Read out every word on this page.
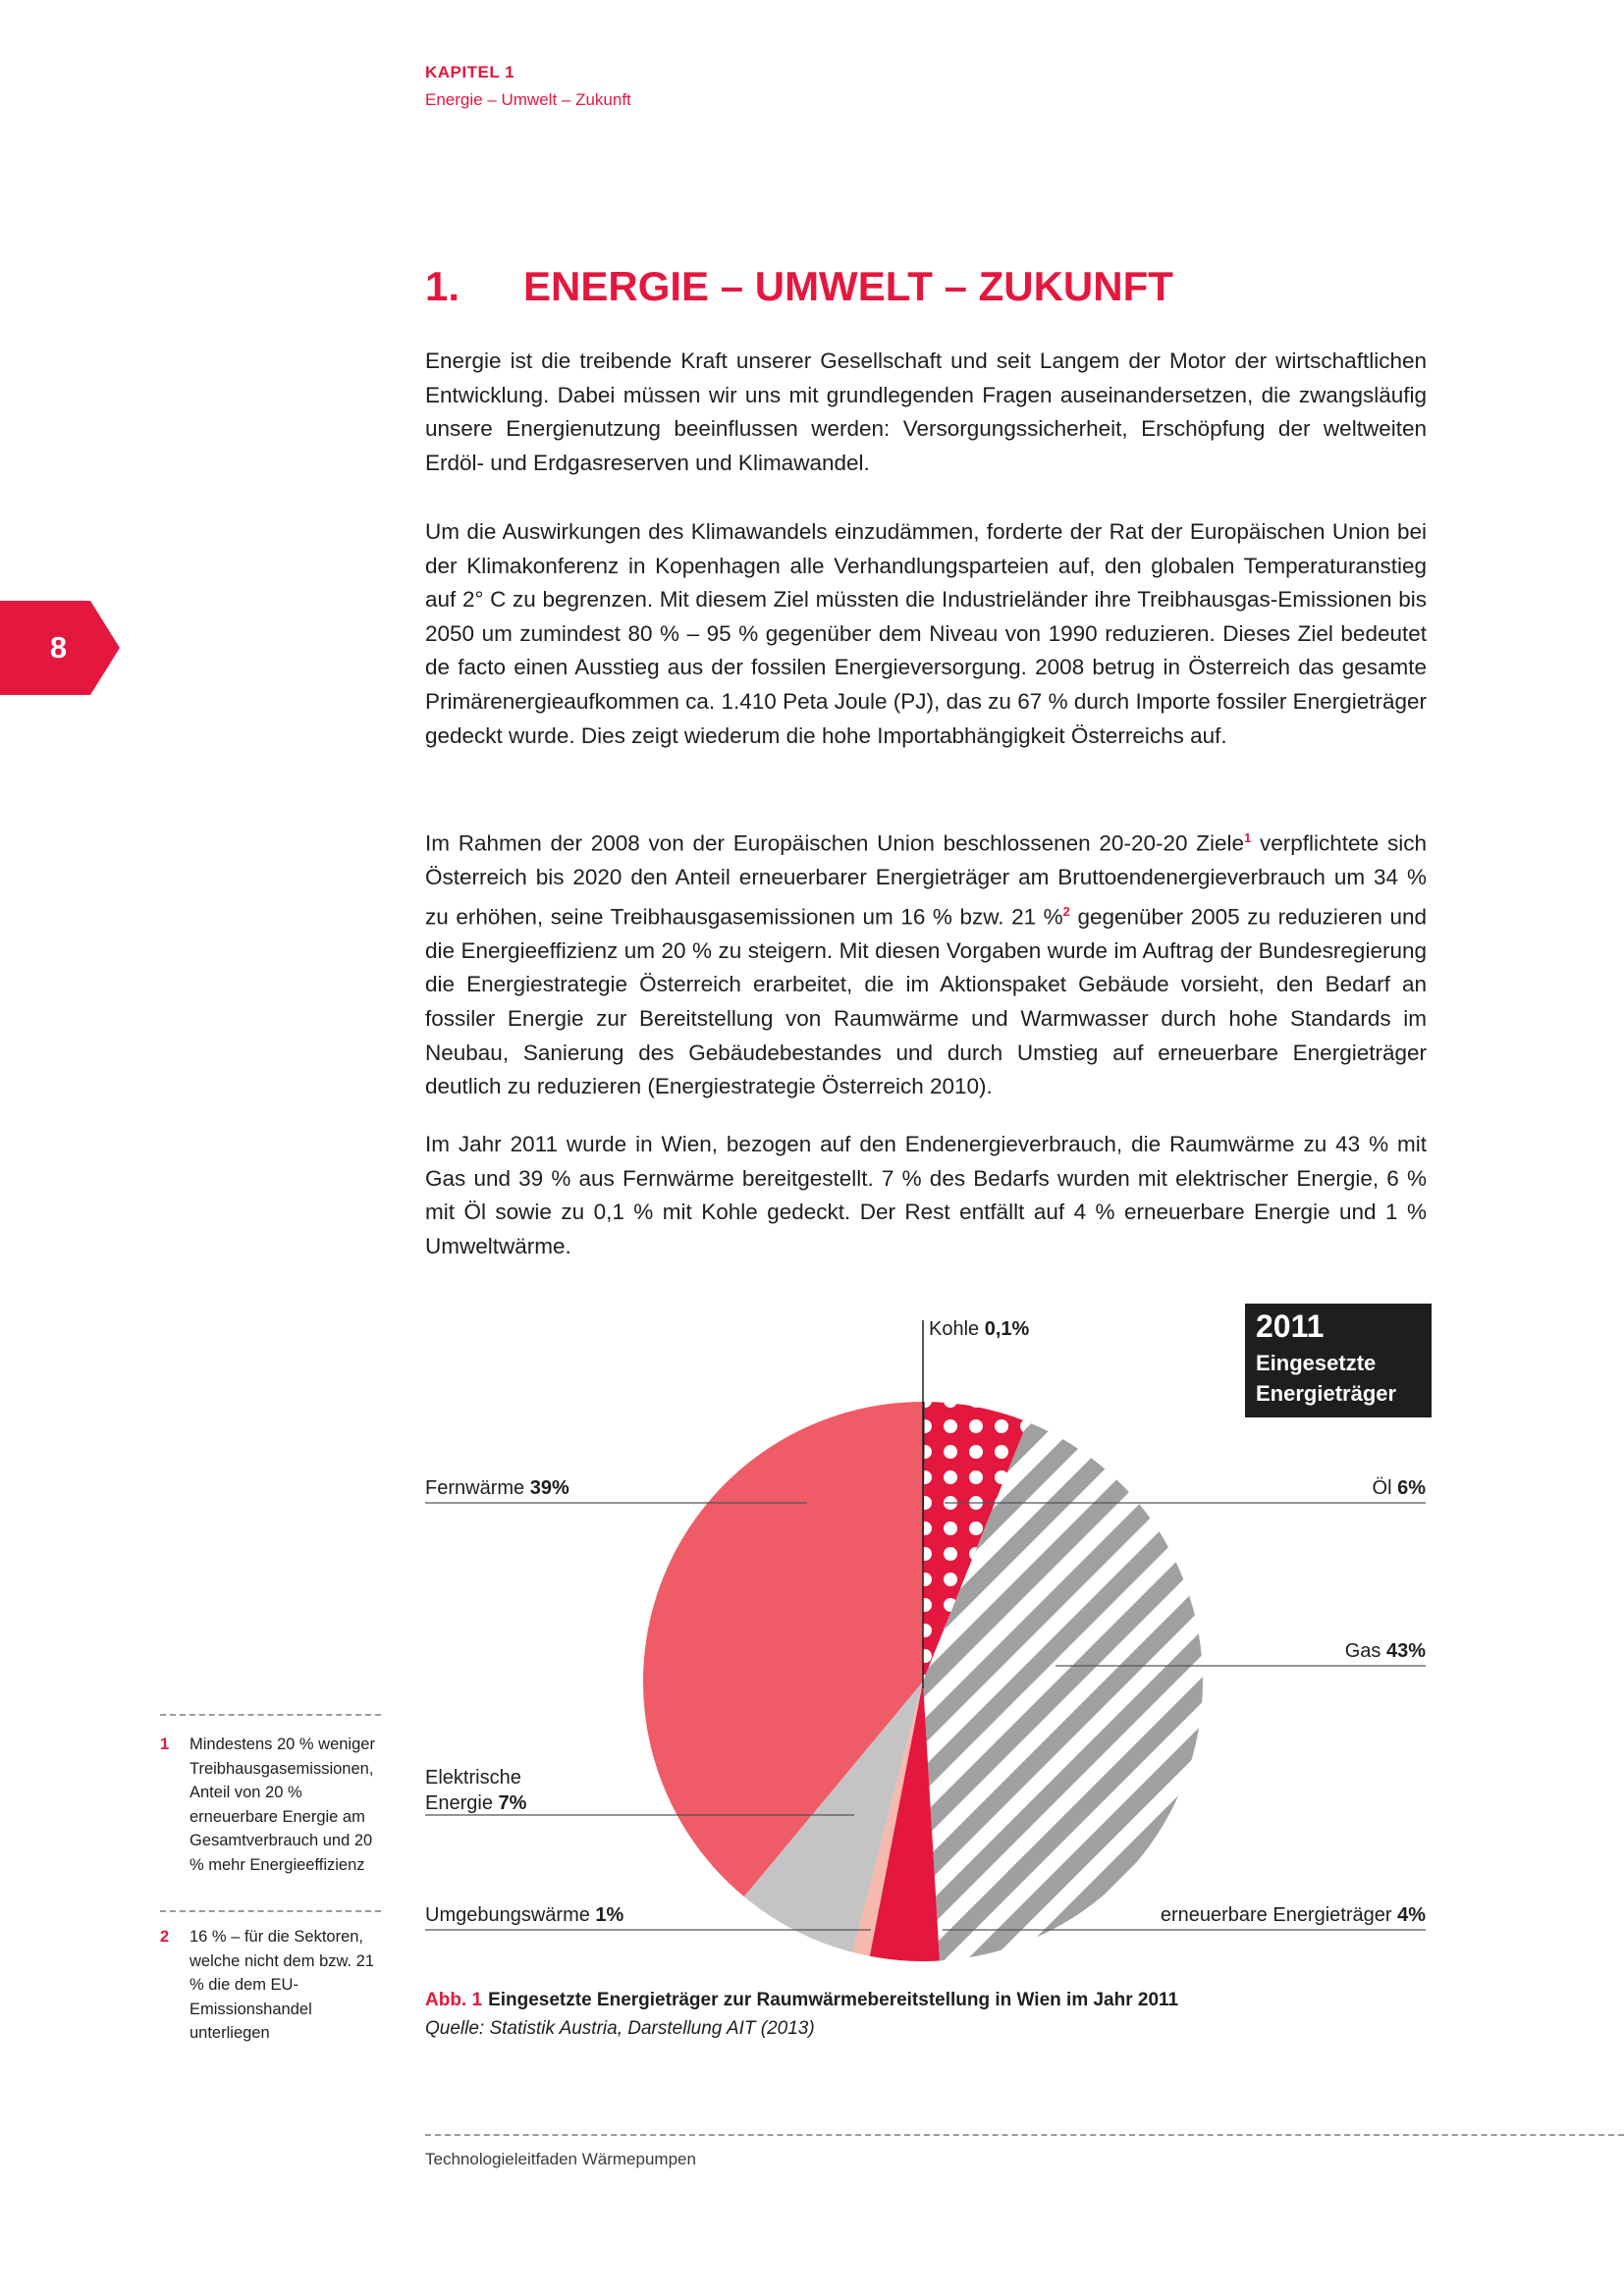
KAPITEL 1
Energie – Umwelt – Zukunft
1. ENERGIE – UMWELT – ZUKUNFT
Energie ist die treibende Kraft unserer Gesellschaft und seit Langem der Motor der wirtschaftlichen Entwicklung. Dabei müssen wir uns mit grundlegenden Fragen auseinandersetzen, die zwangsläufig unsere Energienutzung beeinflussen werden: Versorgungssicherheit, Erschöpfung der weltweiten Erdöl- und Erdgasreserven und Klimawandel.
Um die Auswirkungen des Klimawandels einzudämmen, forderte der Rat der Europäischen Union bei der Klimakonferenz in Kopenhagen alle Verhandlungsparteien auf, den globalen Temperaturanstieg auf 2° C zu begrenzen. Mit diesem Ziel müssten die Industrieländer ihre Treibhausgas-Emissionen bis 2050 um zumindest 80 % – 95 % gegenüber dem Niveau von 1990 reduzieren. Dieses Ziel bedeutet de facto einen Ausstieg aus der fossilen Energieversorgung. 2008 betrug in Österreich das gesamte Primärenergieaufkommen ca. 1.410 Peta Joule (PJ), das zu 67 % durch Importe fossiler Energieträger gedeckt wurde. Dies zeigt wiederum die hohe Importabhängigkeit Österreichs auf.
Im Rahmen der 2008 von der Europäischen Union beschlossenen 20-20-20 Ziele$^1$ verpflichtete sich Österreich bis 2020 den Anteil erneuerbarer Energieträger am Bruttoendenergieverbrauch um 34 % zu erhöhen, seine Treibhausgasemissionen um 16 % bzw. 21 %$^2$ gegenüber 2005 zu reduzieren und die Energieeffizienz um 20 % zu steigern. Mit diesen Vorgaben wurde im Auftrag der Bundesregierung die Energiestrategie Österreich erarbeitet, die im Aktionspaket Gebäude vorsieht, den Bedarf an fossiler Energie zur Bereitstellung von Raumwärme und Warmwasser durch hohe Standards im Neubau, Sanierung des Gebäudebestandes und durch Umstieg auf erneuerbare Energieträger deutlich zu reduzieren (Energiestrategie Österreich 2010).
Im Jahr 2011 wurde in Wien, bezogen auf den Endenergieverbrauch, die Raumwärme zu 43 % mit Gas und 39 % aus Fernwärme bereitgestellt. 7 % des Bedarfs wurden mit elektrischer Energie, 6 % mit Öl sowie zu 0,1 % mit Kohle gedeckt. Der Rest entfällt auf 4 % erneuerbare Energie und 1 % Umweltwärme.
8
1 Mindestens 20 % weniger Treibhausgasemissionen, Anteil von 20 % erneuerbare Energie am Gesamtverbrauch und 20 % mehr Energieeffizienz
2 16 % – für die Sektoren, welche nicht dem bzw. 21 % die dem EU-Emissionshandel unterliegen
Kohle 0,1%
Fernwärme 39%	Öl 6%
Gas 43%
Elektrische
Energie 7%
Umgebungswärme 1%	erneuerbare Energieträger 4%
2011
Eingesetzte
Energieträger
Abb. 1 Eingesetzte Energieträger zur Raumwärmebereitstellung in Wien im Jahr 2011
Quelle: Statistik Austria, Darstellung AIT (2013)
Technologieleitfaden Wärmepumpen
